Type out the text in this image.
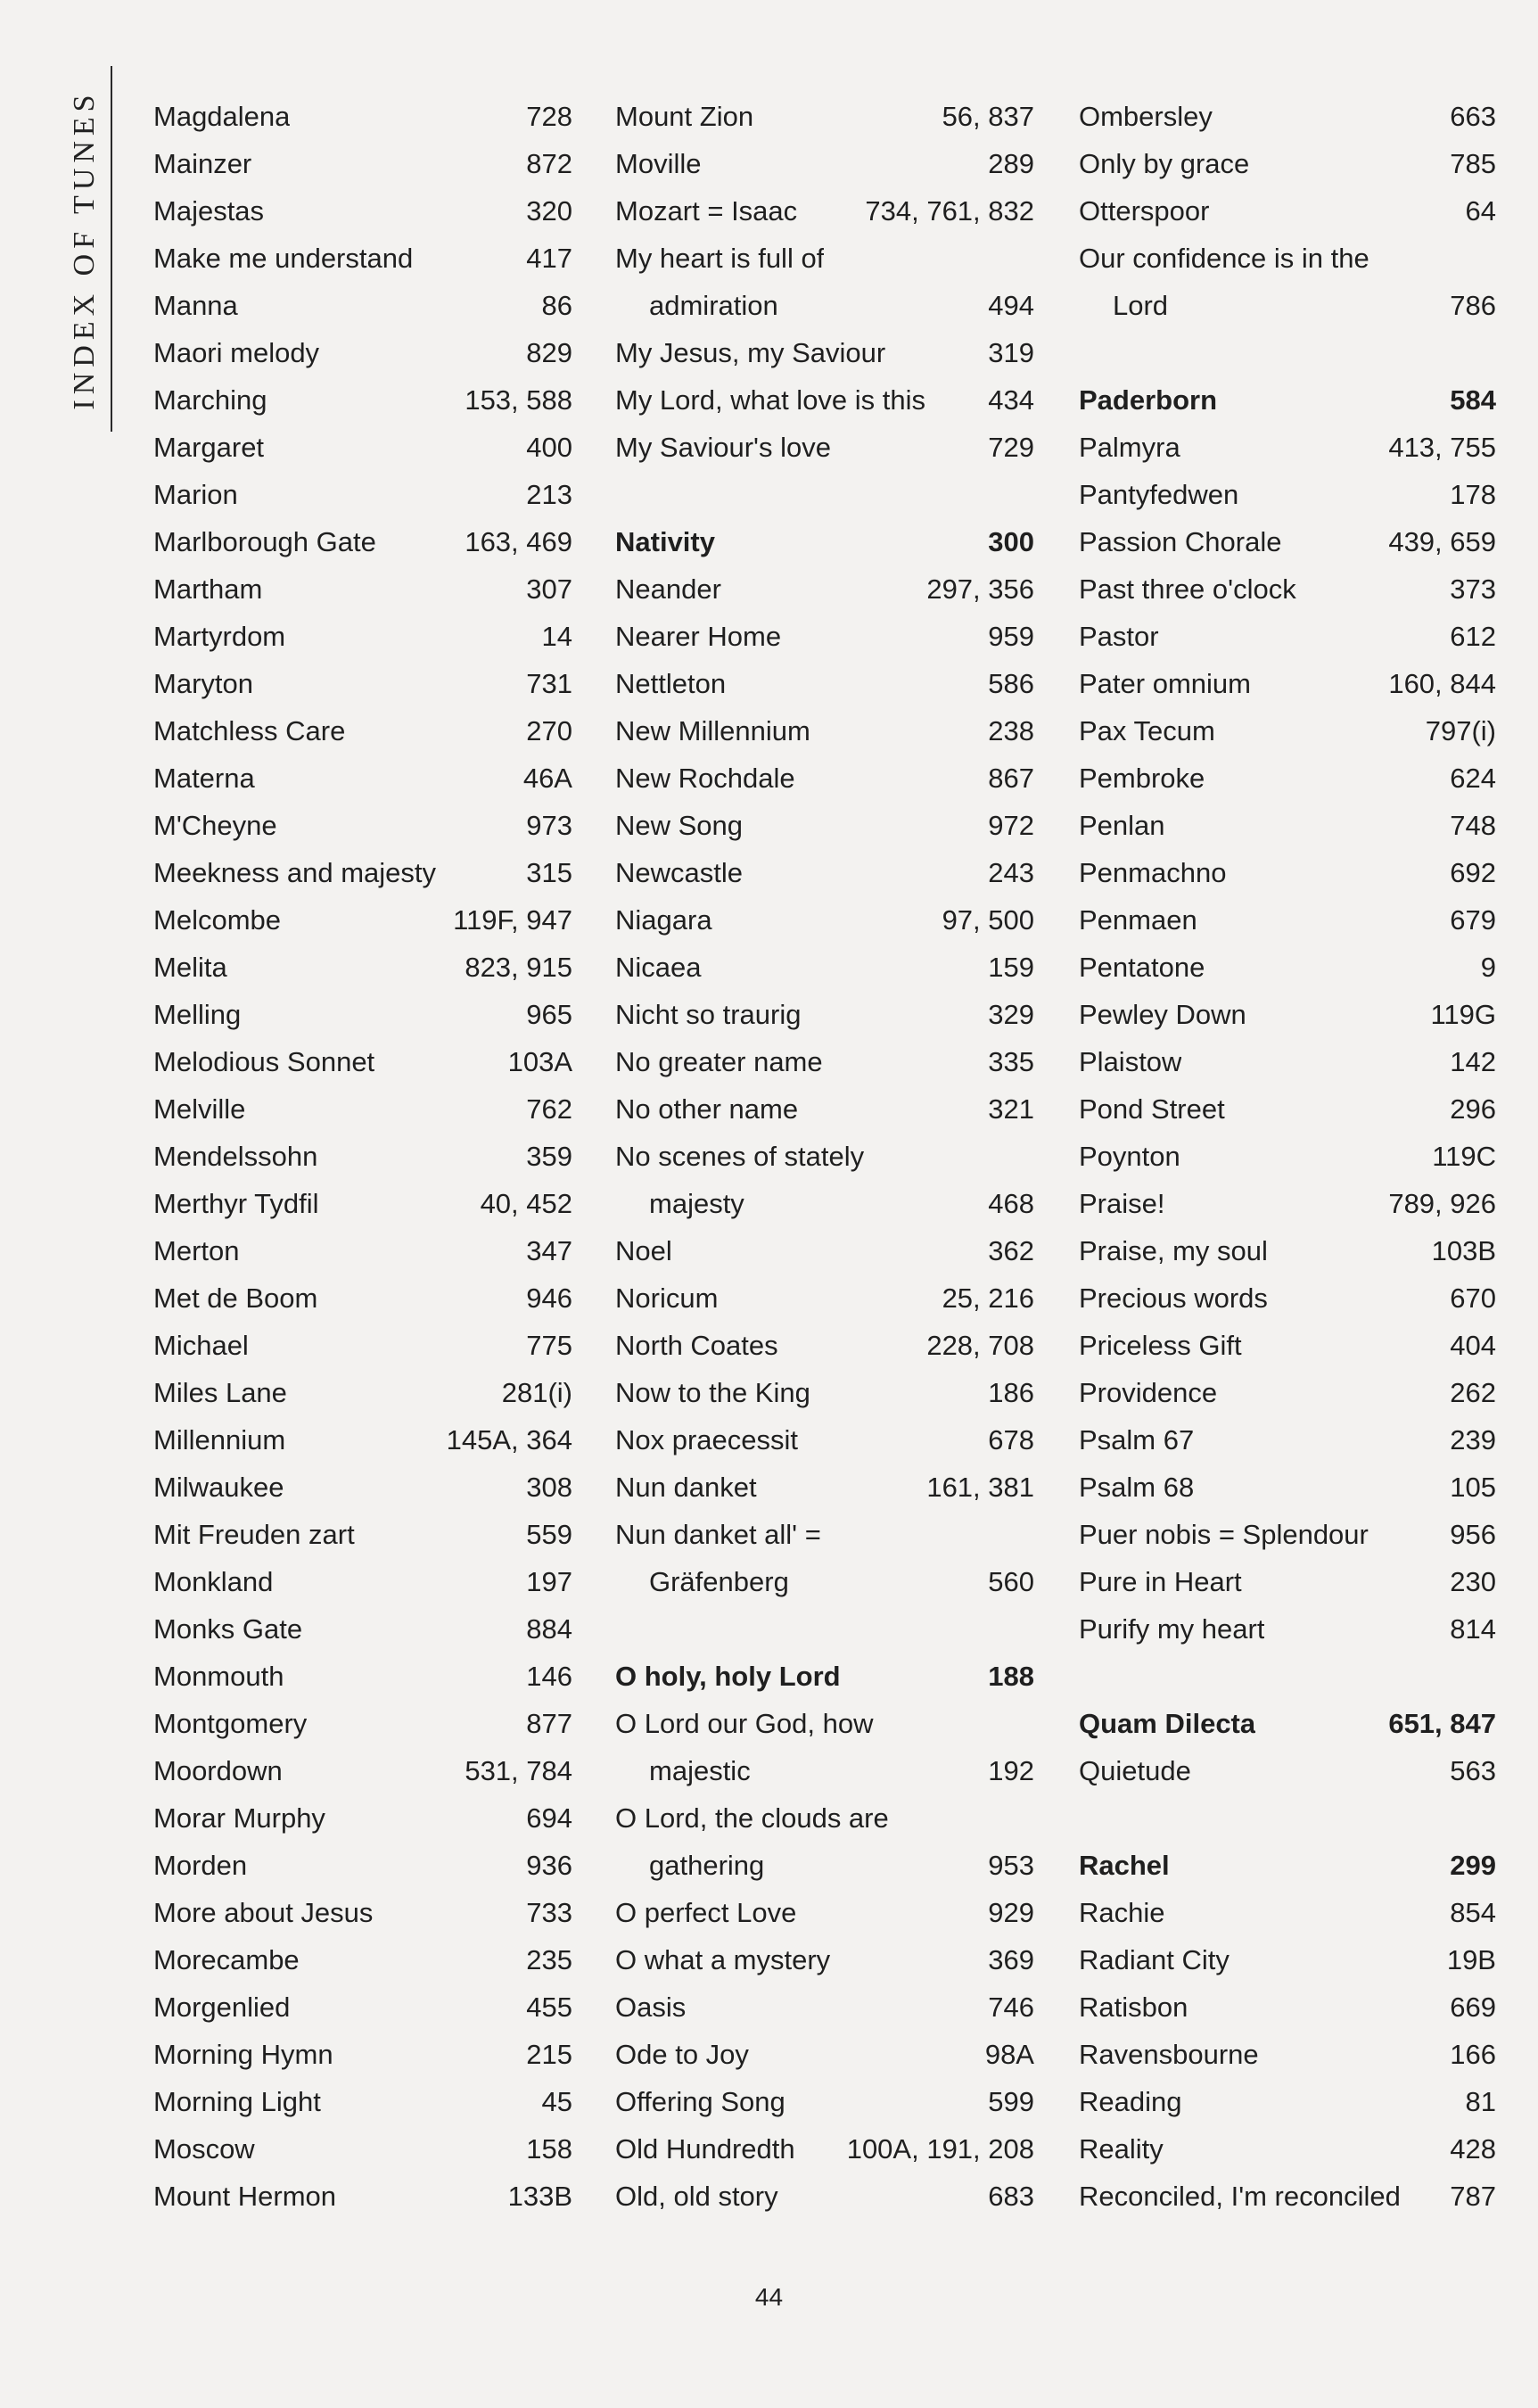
INDEX OF TUNES Magdalena	728
Mainzer	872
Majestas	320
Make me understand	417
Manna	86
Maori melody	829
Marching	153, 588
Margaret	400
Marion	213
Marlborough Gate	163, 469
Martham	307
Martyrdom	14
Maryton	731
Matchless Care	270
Materna	46A
M'Cheyne	973
Meekness and majesty	315
Melcombe	119F, 947
Melita	823, 915
Melling	965
Melodious Sonnet	103A
Melville	762
Mendelssohn	359
Merthyr Tydfil	40, 452
Merton	347
Met de Boom	946
Michael	775
Miles Lane	281(i)
Millennium	145A, 364
Milwaukee	308
Mit Freuden zart	559
Monkland	197
Monks Gate	884
Monmouth	146
Montgomery	877
Moordown	531, 784
Morar Murphy	694
Morden	936
More about Jesus	733
Morecambe	235
Morgenlied	455
Morning Hymn	215
Morning Light	45
Moscow	158
Mount Hermon	133B
Mount Zion	56, 837
Moville	289
Mozart = Isaac	734, 761, 832
My heart is full of
admiration	494
My Jesus, my Saviour	319
My Lord, what love is this	434
My Saviour's love	729
Nativity	300
Neander	297, 356
Nearer Home	959
Nettleton	586
New Millennium	238
New Rochdale	867
New Song	972
Newcastle	243
Niagara	97, 500
Nicaea	159
Nicht so traurig	329
No greater name	335
No other name	321
No scenes of stately
majesty	468
Noel	362
Noricum	25, 216
North Coates	228, 708
Now to the King	186
Nox praecessit	678
Nun danket	161, 381
Nun danket all' =
Gräfenberg	560
O holy, holy Lord	188
O Lord our God, how
majestic	192
O Lord, the clouds are
gathering	953
O perfect Love	929
O what a mystery	369
Oasis	746
Ode to Joy	98A
Offering Song	599
Old Hundredth	100A, 191, 208
Old, old story	683
Ombersley	663
Only by grace	785
Otterspoor	64
Our confidence is in the
Lord	786
Paderborn	584
Palmyra	413, 755
Pantyfedwen	178
Passion Chorale	439, 659
Past three o'clock	373
Pastor	612
Pater omnium	160, 844
Pax Tecum	797(i)
Pembroke	624
Penlan	748
Penmachno	692
Penmaen	679
Pentatone	9
Pewley Down	119G
Plaistow	142
Pond Street	296
Poynton	119C
Praise!	789, 926
Praise, my soul	103B
Precious words	670
Priceless Gift	404
Providence	262
Psalm 67	239
Psalm 68	105
Puer nobis = Splendour	956
Pure in Heart	230
Purify my heart	814
Quam Dilecta	651, 847
Quietude	563
Rachel	299
Rachie	854
Radiant City	19B
Ratisbon	669
Ravensbourne	166
Reading	81
Reality	428
Reconciled, I'm reconciled	787
44
